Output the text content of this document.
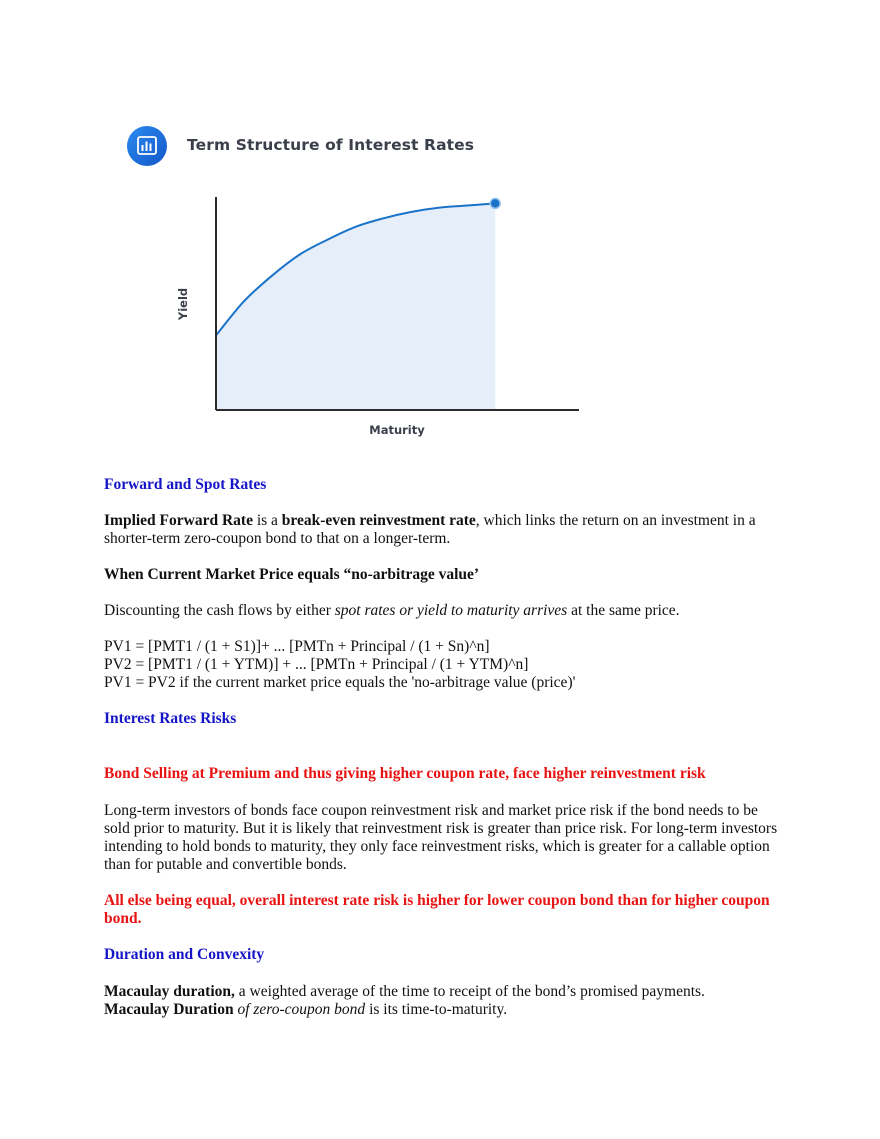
Term Structure of Interest Rates
Maturity
Yield

Forward and Spot Rates

Implied Forward Rate is a break-even reinvestment rate, which links the return on an investment in a shorter-term zero-coupon bond to that on a longer-term.

When Current Market Price equals “no-arbitrage value’

Discounting the cash flows by either spot rates or yield to maturity arrives at the same price.

PV1 = [PMT1 / (1 + S1)]+ ... [PMTn + Principal / (1 + Sn)^n]

PV2 = [PMT1 / (1 + YTM)] + ... [PMTn + Principal / (1 + YTM)^n]

PV1 = PV2 if the current market price equals the 'no-arbitrage value (price)'

Interest Rates Risks

Bond Selling at Premium and thus giving higher coupon rate, face higher reinvestment risk

Long-term investors of bonds face coupon reinvestment risk and market price risk if the bond needs to be sold prior to maturity. But it is likely that reinvestment risk is greater than price risk. For long-term investors intending to hold bonds to maturity, they only face reinvestment risks, which is greater for a callable option than for putable and convertible bonds.

All else being equal, overall interest rate risk is higher for lower coupon bond than for higher coupon bond.

Duration and Convexity

Macaulay duration, a weighted average of the time to receipt of the bond’s promised payments.

Macaulay Duration of zero-coupon bond is its time-to-maturity.
